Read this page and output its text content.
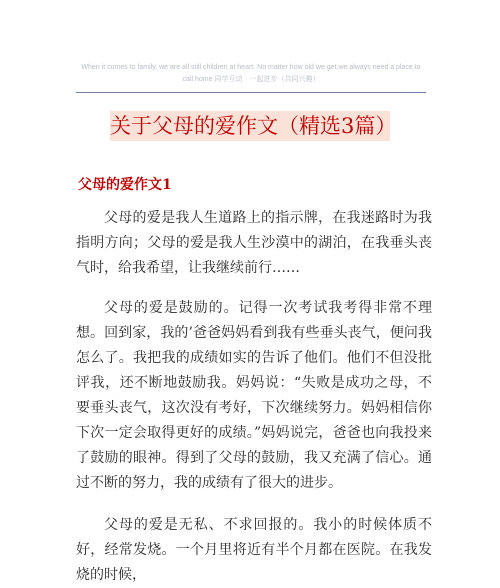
When it comes to family, we are all still children at heart. No matter how old we get,we always need a place to
call home 同学互动　一起进步（共同兴趣）
关于父母的爱作文（精选3篇）
父母的爱作文1

父母的爱是我人生道路上的指示牌，在我迷路时为我指明方向；父母的爱是我人生沙漠中的湖泊，在我垂头丧气时，给我希望，让我继续前行……

父母的爱是鼓励的。记得一次考试我考得非常不理想。回到家，我的’爸爸妈妈看到我有些垂头丧气，便问我怎么了。我把我的成绩如实的告诉了他们。他们不但没批评我，还不断地鼓励我。妈妈说：“失败是成功之母，不要垂头丧气，这次没有考好，下次继续努力。妈妈相信你下次一定会取得更好的成绩。”妈妈说完，爸爸也向我投来了鼓励的眼神。得到了父母的鼓励，我又充满了信心。通过不断的努力，我的成绩有了很大的进步。

父母的爱是无私、不求回报的。我小的时候体质不好，经常发烧。一个月里将近有半个月都在医院。在我发烧的时候，
